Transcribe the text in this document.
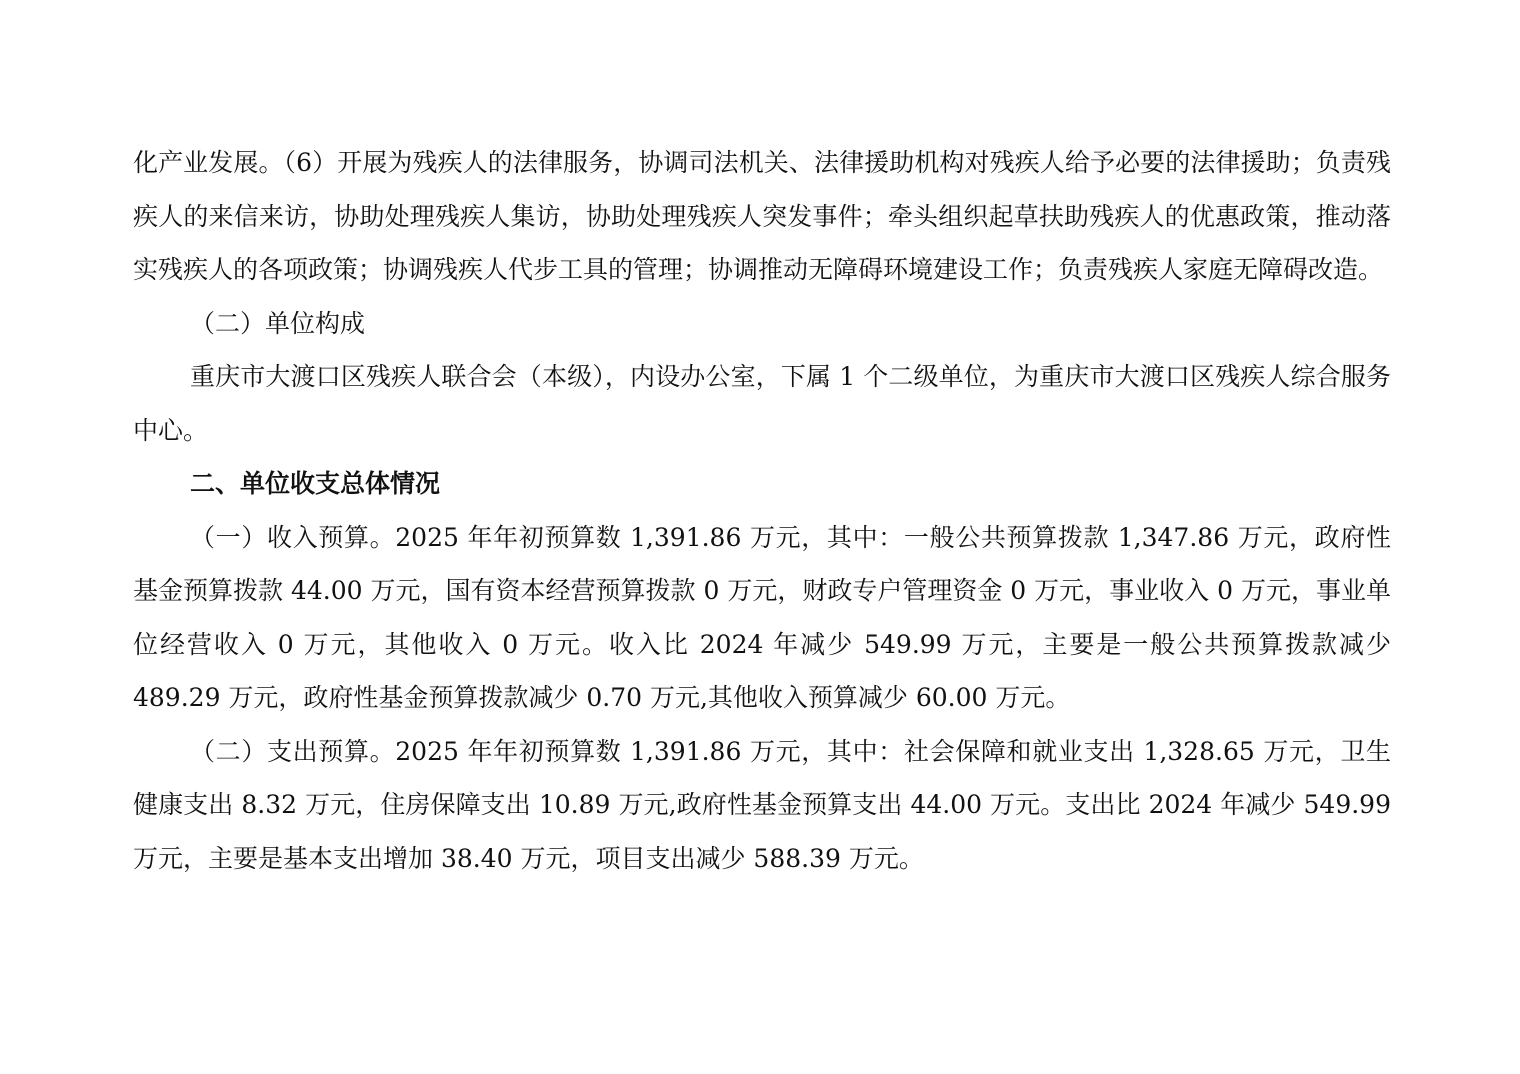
化产业发展。（6）开展为残疾人的法律服务，协调司法机关、法律援助机构对残疾人给予必要的法律援助；负责残疾人的来信来访，协助处理残疾人集访，协助处理残疾人突发事件；牵头组织起草扶助残疾人的优惠政策，推动落实残疾人的各项政策；协调残疾人代步工具的管理；协调推动无障碍环境建设工作；负责残疾人家庭无障碍改造。

（二）单位构成

重庆市大渡口区残疾人联合会（本级），内设办公室，下属 1 个二级单位，为重庆市大渡口区残疾人综合服务中心。

二、单位收支总体情况

（一）收入预算。2025 年年初预算数 1,391.86 万元，其中：一般公共预算拨款 1,347.86 万元，政府性基金预算拨款 44.00 万元，国有资本经营预算拨款 0 万元，财政专户管理资金 0 万元，事业收入 0 万元，事业单位经营收入 0 万元，其他收入 0 万元。收入比 2024 年减少 549.99 万元，主要是一般公共预算拨款减少 489.29 万元，政府性基金预算拨款减少 0.70 万元,其他收入预算减少 60.00 万元。

（二）支出预算。2025 年年初预算数 1,391.86 万元，其中：社会保障和就业支出 1,328.65 万元，卫生健康支出 8.32 万元，住房保障支出 10.89 万元,政府性基金预算支出 44.00 万元。支出比 2024 年减少 549.99 万元，主要是基本支出增加 38.40 万元，项目支出减少 588.39 万元。
